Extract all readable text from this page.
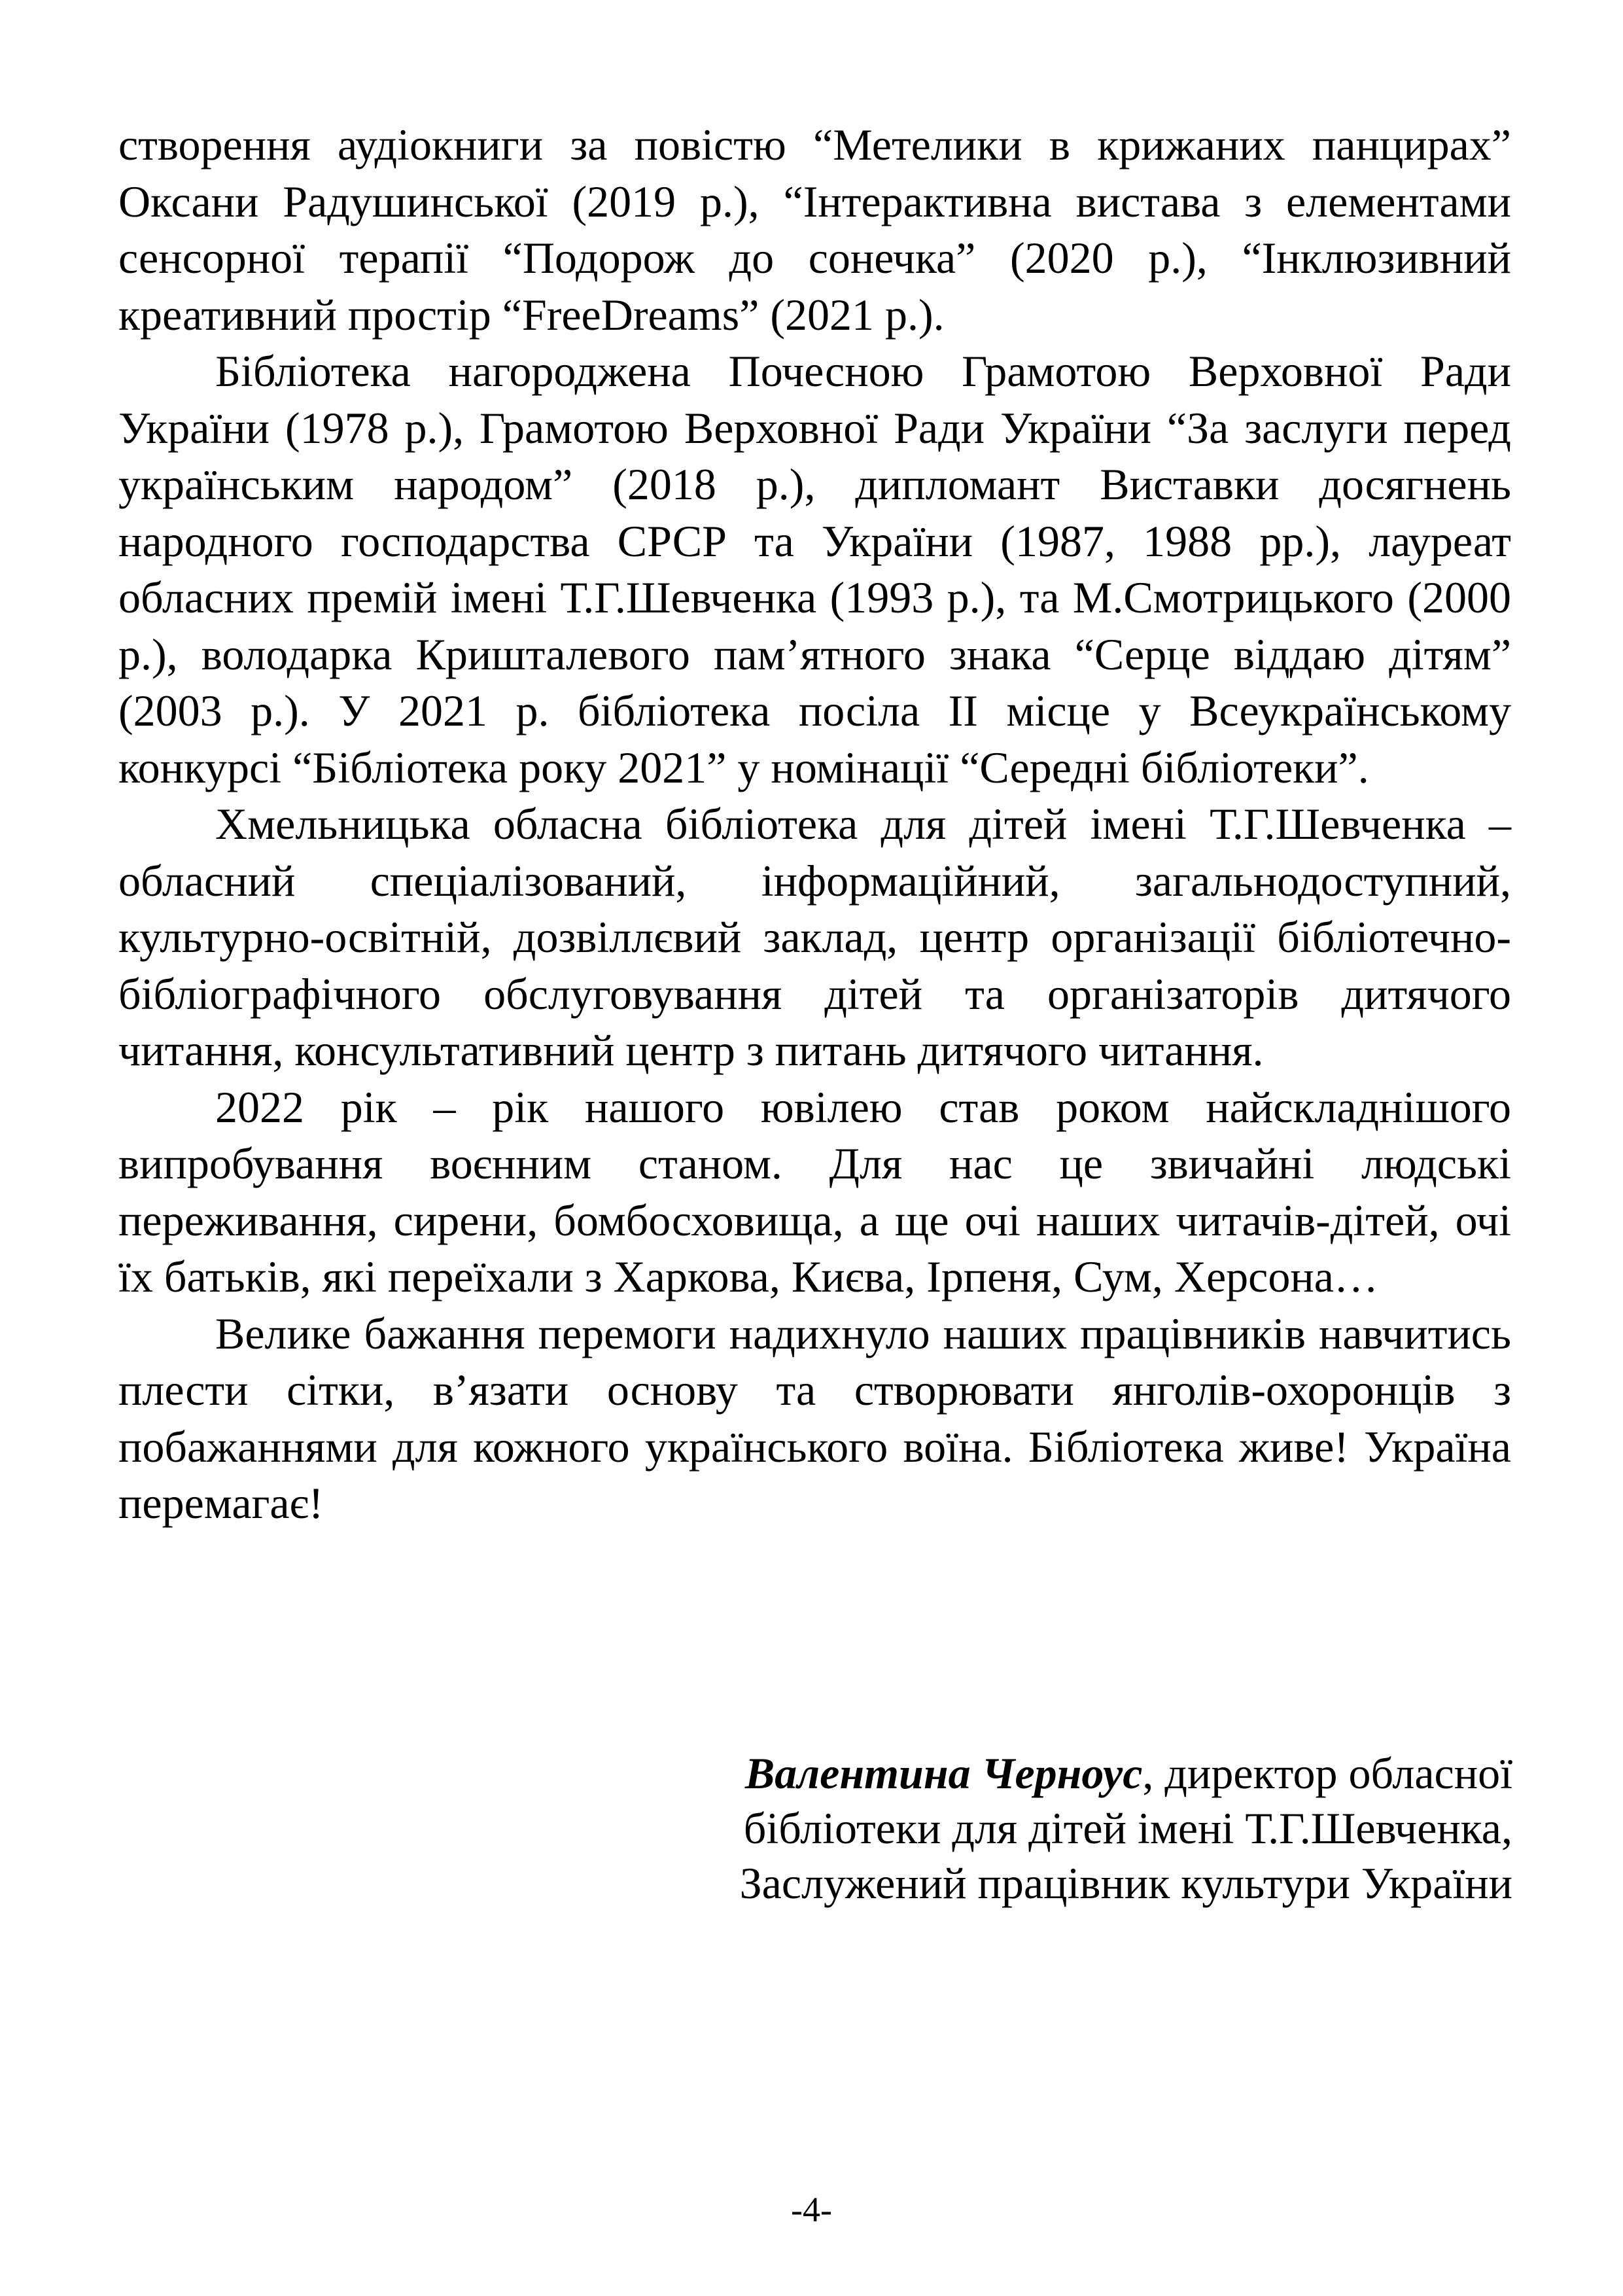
створення аудіокниги за повістю “Метелики в крижаних панцирах” Оксани Радушинської (2019 р.), “Інтерактивна вистава з елементами сенсорної терапії “Подорож до сонечка” (2020 р.), “Інклюзивний креативний простір “FreeDreams” (2021 р.).

Бібліотека нагороджена Почесною Грамотою Верховної Ради України (1978 р.), Грамотою Верховної Ради України “За заслуги перед українським народом” (2018 р.), дипломант Виставки досягнень народного господарства СРСР та України (1987, 1988 рр.), лауреат обласних премій імені Т.Г.Шевченка (1993 р.), та М.Смотрицького (2000 р.), володарка Кришталевого пам’ятного знака “Серце віддаю дітям” (2003 р.). У 2021 р. бібліотека посіла ІІ місце у Всеукраїнському конкурсі “Бібліотека року 2021” у номінації “Середні бібліотеки”.

Хмельницька обласна бібліотека для дітей імені Т.Г.Шевченка – обласний спеціалізований, інформаційний, загальнодоступний, культурно-освітній, дозвіллєвий заклад, центр організації бібліотечно-бібліографічного обслуговування дітей та організаторів дитячого читання, консультативний центр з питань дитячого читання.

2022 рік – рік нашого ювілею став роком найскладнішого випробування воєнним станом. Для нас це звичайні людські переживання, сирени, бомбосховища, а ще очі наших читачів-дітей, очі їх батьків, які переїхали з Харкова, Києва, Ірпеня, Сум, Херсона…

Велике бажання перемоги надихнуло наших працівників навчитись плести сітки, в’язати основу та створювати янголів-охоронців з побажаннями для кожного українського воїна. Бібліотека живе! Україна перемагає!

Валентина Черноус, директор обласної
бібліотеки для дітей імені Т.Г.Шевченка,
Заслужений працівник культури України
-4-
